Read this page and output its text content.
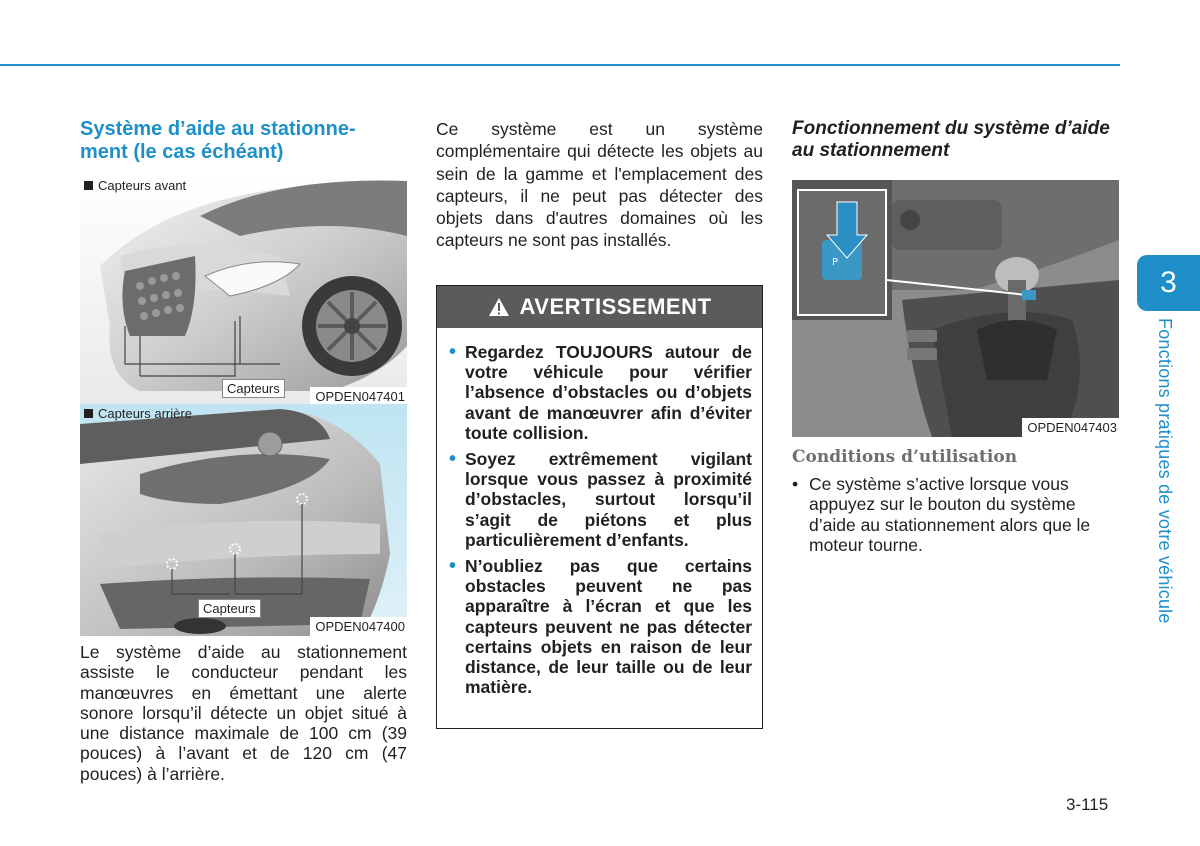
Système d’aide au stationne-
ment (le cas échéant)
Capteurs avant
Capteurs
OPDEN047401
Capteurs arrière
Capteurs
OPDEN047400
Le système d’aide au stationnement assiste le conducteur pendant les manœuvres en émettant une alerte sonore lorsqu’il détecte un objet situé à une distance maximale de 100 cm (39 pouces) à l’avant et de 120 cm (47 pouces) à l’arrière.
Ce système est un système complémentaire qui détecte les objets au sein de la gamme et l'emplacement des capteurs, il ne peut pas détecter des objets dans d'autres domaines où les capteurs ne sont pas installés.
AVERTISSEMENT
• Regardez TOUJOURS autour de votre véhicule pour vérifier l’absence d’obstacles ou d’objets avant de manœuvrer afin d’éviter toute collision.
• Soyez extrêmement vigilant lorsque vous passez à proximité d’obstacles, surtout lorsqu’il s’agit de piétons et plus particulièrement d’enfants.
• N’oubliez pas que certains obstacles peuvent ne pas apparaître à l’écran et que les capteurs peuvent ne pas détecter certains objets en raison de leur distance, de leur taille ou de leur matière.
Fonctionnement du système d’aide au stationnement
P
OPDEN047403
Conditions d’utilisation
• Ce système s’active lorsque vous appuyez sur le bouton du système d’aide au stationnement alors que le moteur tourne.
3
Fonctions pratiques de votre véhicule
3-115
